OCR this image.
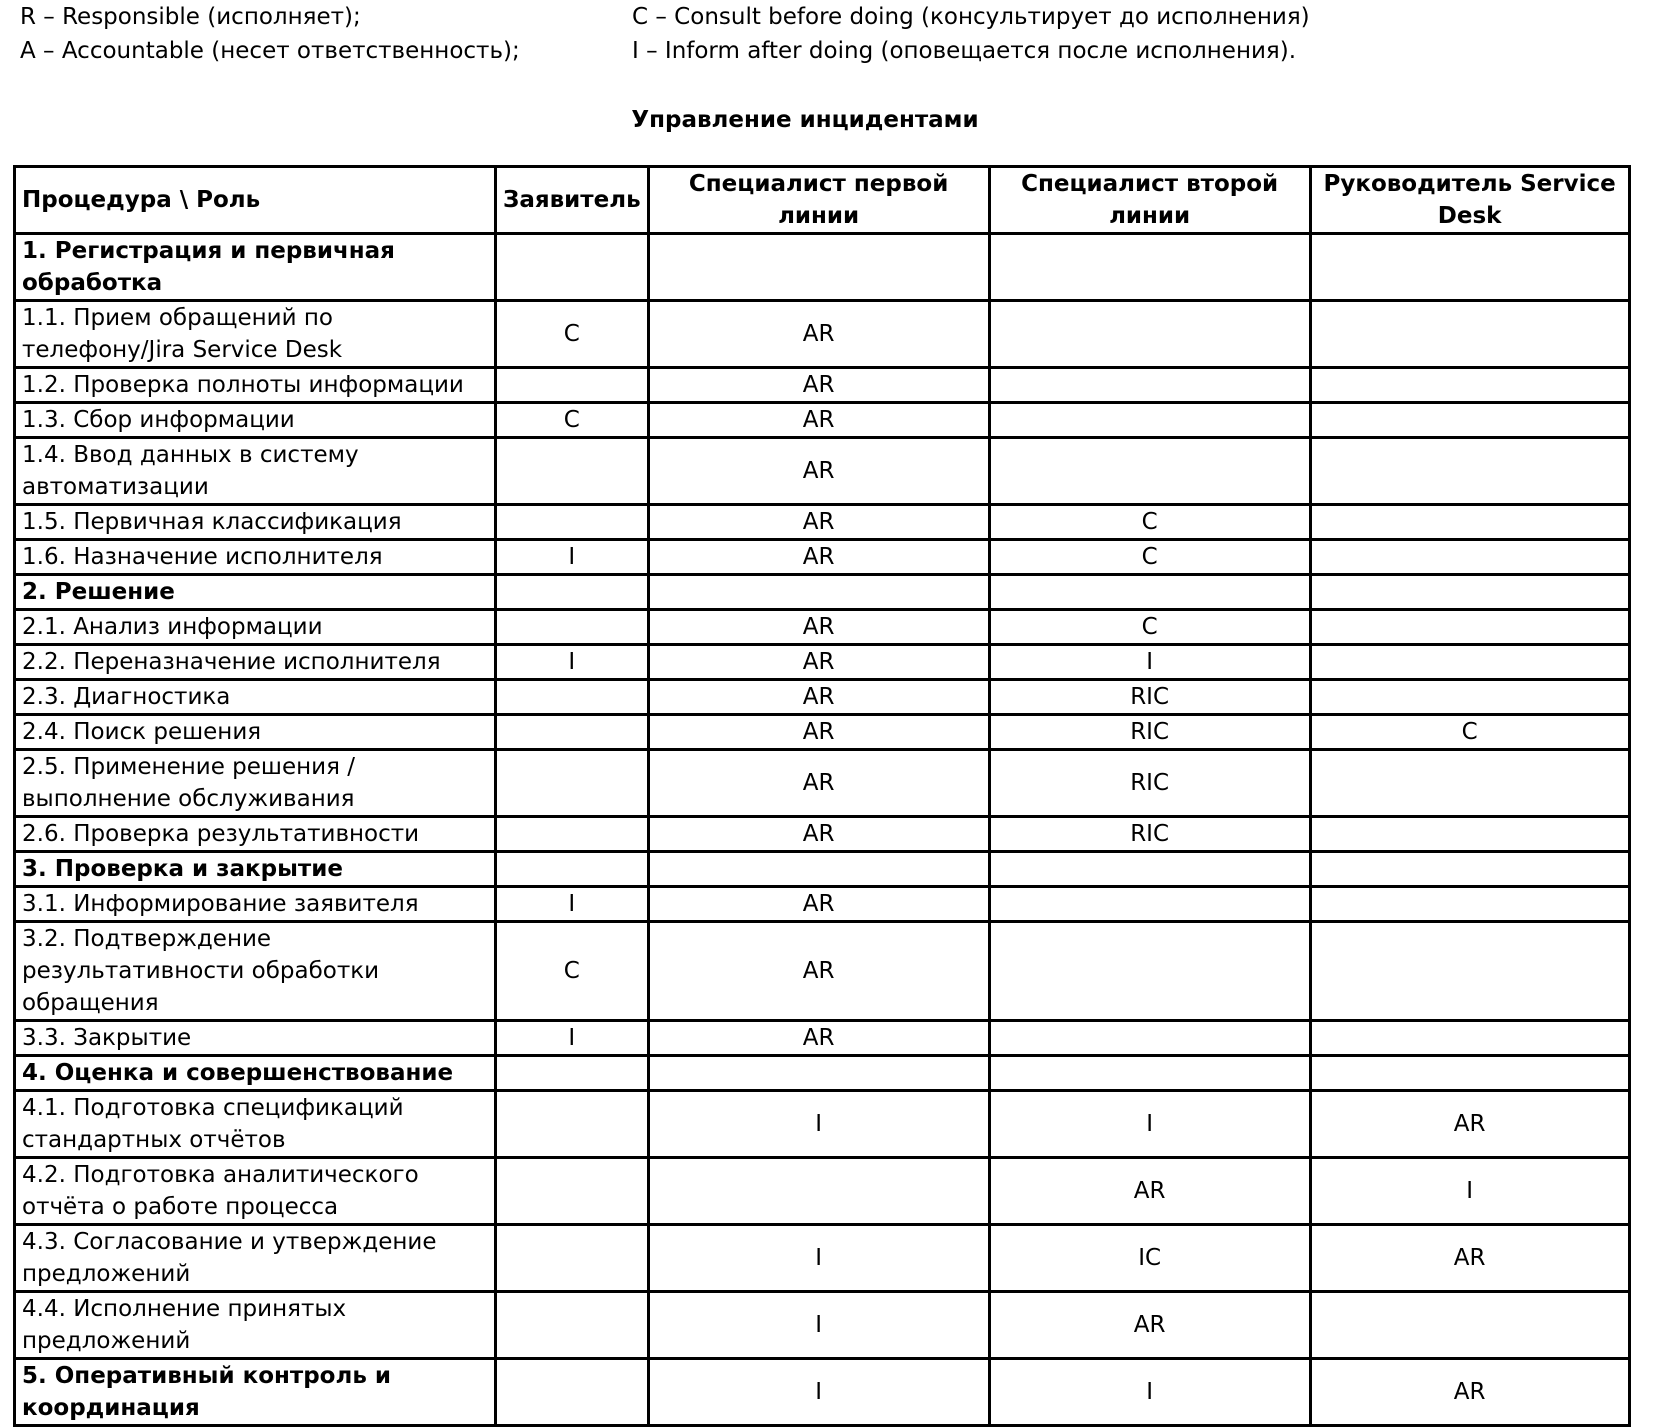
R – Responsible (исполняет);
A – Accountable (несет ответственность);
C – Consult before doing (консультирует до исполнения)
I – Inform after doing (оповещается после исполнения).
Управление инцидентами
Процедура \ Роль	Заявитель	Специалист первой линии	Специалист второй линии	Руководитель Service Desk
1. Регистрация и первичная обработка				
1.1. Прием обращений по телефону/Jira Service Desk	C	AR		
1.2. Проверка полноты информации		AR		
1.3. Сбор информации	C	AR		
1.4. Ввод данных в систему автоматизации		AR		
1.5. Первичная классификация		AR	C	
1.6. Назначение исполнителя	I	AR	C	
2. Решение				
2.1. Анализ информации		AR	C	
2.2. Переназначение исполнителя	I	AR	I	
2.3. Диагностика		AR	RIC	
2.4. Поиск решения		AR	RIC	C
2.5. Применение решения / выполнение обслуживания		AR	RIC	
2.6. Проверка результативности		AR	RIC	
3. Проверка и закрытие				
3.1. Информирование заявителя	I	AR		
3.2. Подтверждение результативности обработки обращения	C	AR		
3.3. Закрытие	I	AR		
4. Оценка и совершенствование				
4.1. Подготовка спецификаций стандартных отчётов		I	I	AR
4.2. Подготовка аналитического отчёта о работе процесса			AR	I
4.3. Согласование и утверждение предложений		I	IC	AR
4.4. Исполнение принятых предложений		I	AR	
5. Оперативный контроль и координация		I	I	AR
